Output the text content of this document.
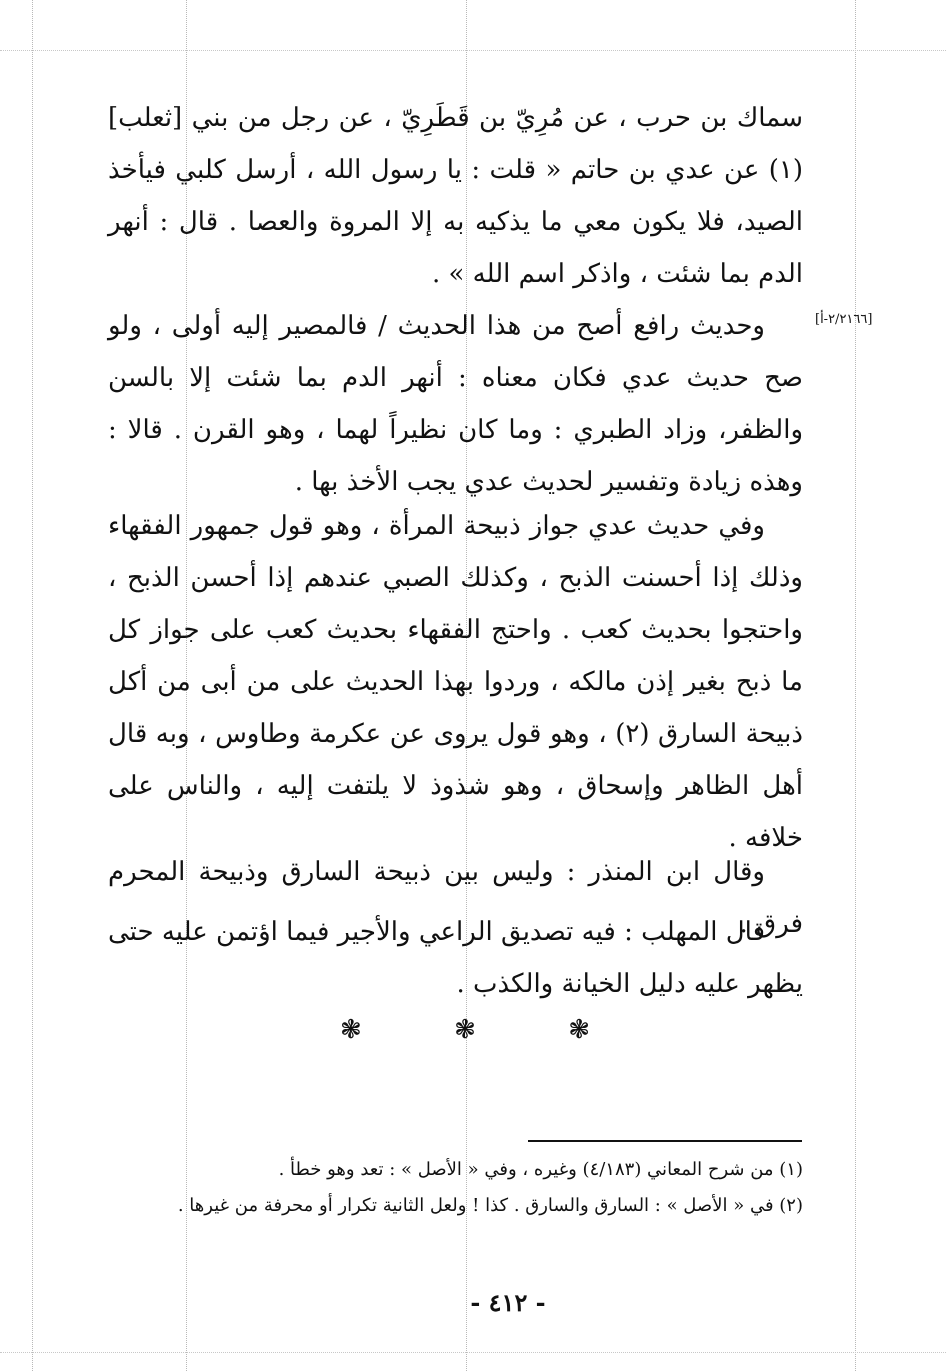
[٢/٢١٦٦-أ]

سماك بن حرب ، عن مُرِيّ بن قَطَرِيّ ، عن رجل من بني [ثعلب](١) عن عدي بن حاتم « قلت : يا رسول الله ، أرسل كلبي فيأخذ الصيد، فلا يكون معي ما يذكيه به إلا المروة والعصا . قال : أنهر الدم بما شئت ، واذكر اسم الله » .

وحديث رافع أصح من هذا الحديث / فالمصير إليه أولى ، ولو صح حديث عدي فكان معناه : أنهر الدم بما شئت إلا بالسن والظفر، وزاد الطبري : وما كان نظيراً لهما ، وهو القرن . قالا : وهذه زيادة وتفسير لحديث عدي يجب الأخذ بها .

وفي حديث عدي جواز ذبيحة المرأة ، وهو قول جمهور الفقهاء وذلك إذا أحسنت الذبح ، وكذلك الصبي عندهم إذا أحسن الذبح ، واحتجوا بحديث كعب . واحتج الفقهاء بحديث كعب على جواز كل ما ذبح بغير إذن مالكه ، وردوا بهذا الحديث على من أبى من أكل ذبيحة السارق (٢) ، وهو قول يروى عن عكرمة وطاوس ، وبه قال أهل الظاهر وإسحاق ، وهو شذوذ لا يلتفت إليه ، والناس على خلافه .

وقال ابن المنذر : وليس بين ذبيحة السارق وذبيحة المحرم فرق .

قال المهلب : فيه تصديق الراعي والأجير فيما اؤتمن عليه حتى يظهر عليه دليل الخيانة والكذب .

❃	❃	❃

(١) من شرح المعاني (٤/١٨٣) وغيره ، وفي « الأصل » : تعد وهو خطأ .

(٢) في « الأصل » : السارق والسارق . كذا ! ولعل الثانية تكرار أو محرفة من غيرها .

- ٤١٢ -
